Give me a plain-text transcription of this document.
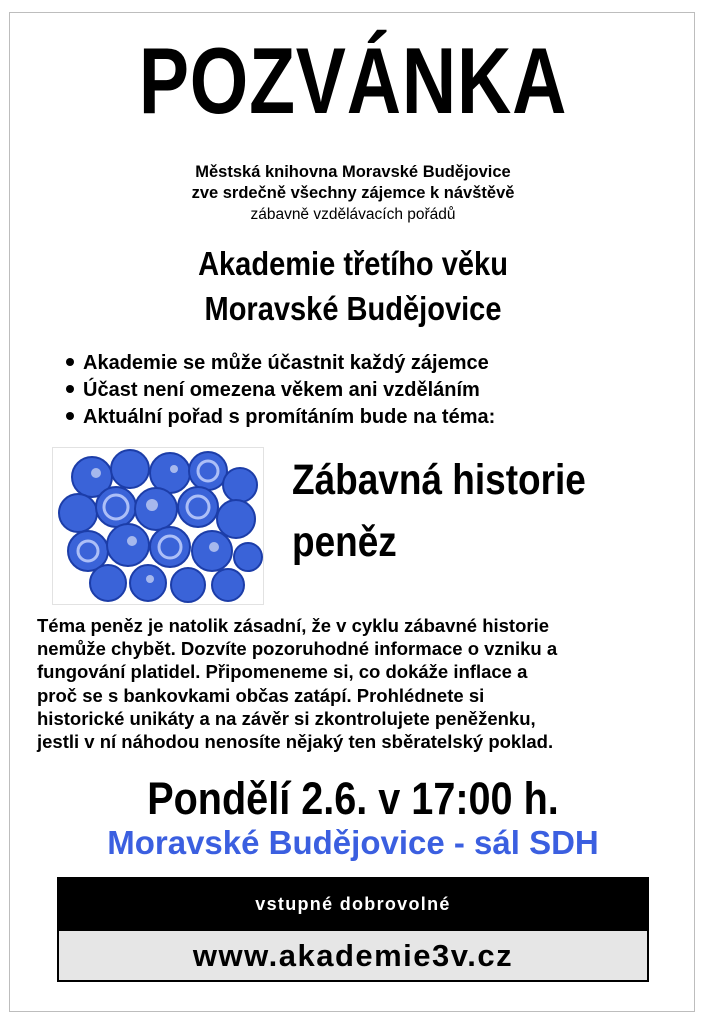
POZVÁNKA
Městská knihovna Moravské Budějovice
zve srdečně všechny zájemce k návštěvě
zábavně vzdělávacích pořádů
Akademie třetího věku
Moravské Budějovice
Akademie se může účastnit každý zájemce
Účast není omezena věkem ani vzděláním
Aktuální pořad s promítáním bude na téma:
Zábavná historie
peněz
Téma peněz je natolik zásadní, že v cyklu zábavné historie
nemůže chybět. Dozvíte pozoruhodné informace o vzniku a
fungování platidel. Připomeneme si, co dokáže inflace a
proč se s bankovkami občas zatápí. Prohlédnete si
historické unikáty a na závěr si zkontrolujete peněženku,
jestli v ní náhodou nenosíte nějaký ten sběratelský poklad.
Pondělí 2.6. v 17:00 h.
Moravské Budějovice - sál SDH
vstupné dobrovolné
www.akademie3v.cz
